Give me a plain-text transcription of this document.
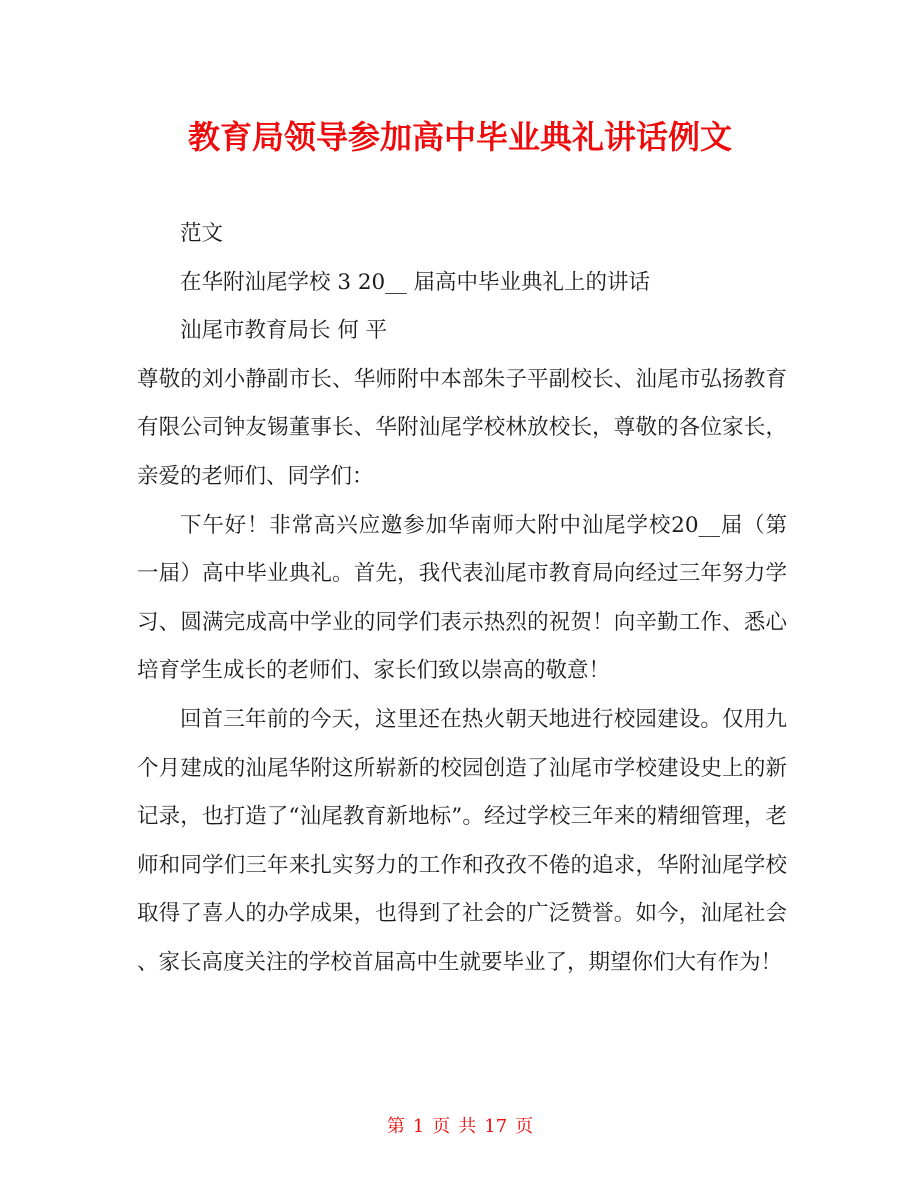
教育局领导参加高中毕业典礼讲话例文

范文

在华附汕尾学校 3 20__ 届高中毕业典礼上的讲话

汕尾市教育局长 何 平

尊敬的刘小静副市长、华师附中本部朱子平副校长、汕尾市弘扬教育有限公司钟友锡董事长、华附汕尾学校林放校长，尊敬的各位家长，亲爱的老师们、同学们：

下午好！非常高兴应邀参加华南师大附中汕尾学校20__届（第一届）高中毕业典礼。首先，我代表汕尾市教育局向经过三年努力学习、圆满完成高中学业的同学们表示热烈的祝贺！向辛勤工作、悉心培育学生成长的老师们、家长们致以崇高的敬意！

回首三年前的今天，这里还在热火朝天地进行校园建设。仅用九个月建成的汕尾华附这所崭新的校园创造了汕尾市学校建设史上的新记录，也打造了“汕尾教育新地标”。经过学校三年来的精细管理，老师和同学们三年来扎实努力的工作和孜孜不倦的追求，华附汕尾学校取得了喜人的办学成果，也得到了社会的广泛赞誉。如今，汕尾社会、家长高度关注的学校首届高中生就要毕业了，期望你们大有作为！

第 1 页 共 17 页
